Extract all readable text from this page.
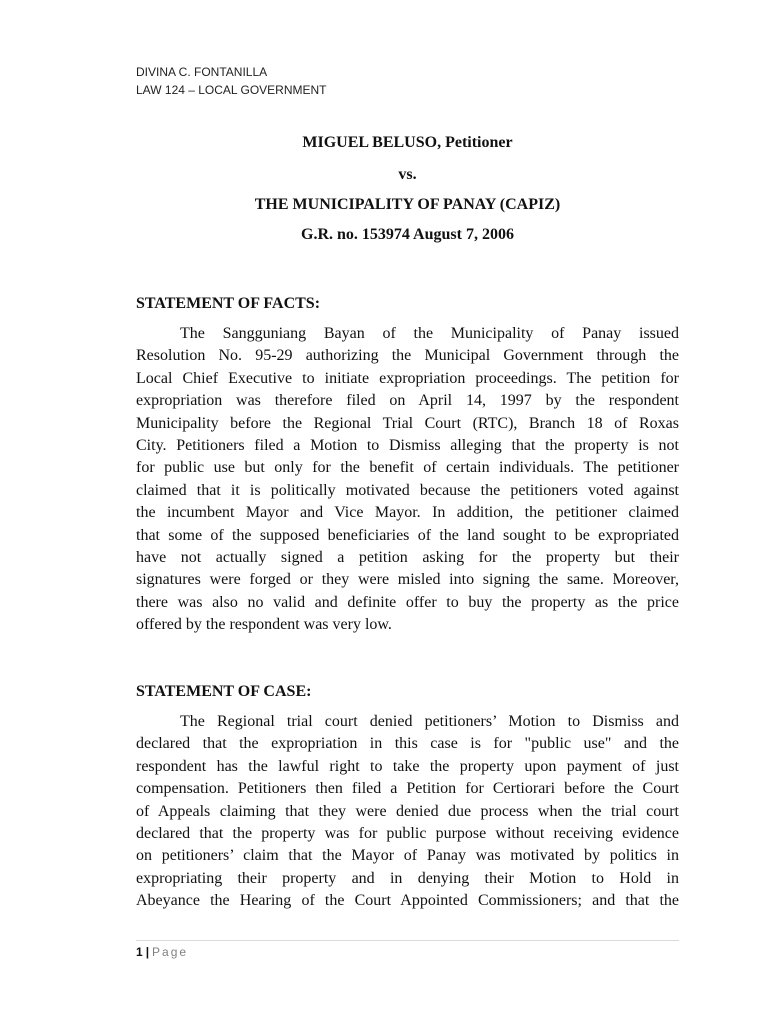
DIVINA C. FONTANILLA
LAW 124 – LOCAL GOVERNMENT
MIGUEL BELUSO, Petitioner
vs.
THE MUNICIPALITY OF PANAY (CAPIZ)
G.R. no. 153974 August 7, 2006
STATEMENT OF FACTS:

The Sangguniang Bayan of the Municipality of Panay issued
Resolution No. 95-29 authorizing the Municipal Government through the
Local Chief Executive to initiate expropriation proceedings. The petition for
expropriation was therefore filed on April 14, 1997 by the respondent
Municipality before the Regional Trial Court (RTC), Branch 18 of Roxas
City. Petitioners filed a Motion to Dismiss alleging that the property is not
for public use but only for the benefit of certain individuals. The petitioner
claimed that it is politically motivated because the petitioners voted against
the incumbent Mayor and Vice Mayor. In addition, the petitioner claimed
that some of the supposed beneficiaries of the land sought to be expropriated
have not actually signed a petition asking for the property but their
signatures were forged or they were misled into signing the same. Moreover,
there was also no valid and definite offer to buy the property as the price
offered by the respondent was very low.

STATEMENT OF CASE:

The Regional trial court denied petitioners’ Motion to Dismiss and
declared that the expropriation in this case is for "public use" and the
respondent has the lawful right to take the property upon payment of just
compensation. Petitioners then filed a Petition for Certiorari before the Court
of Appeals claiming that they were denied due process when the trial court
declared that the property was for public purpose without receiving evidence
on petitioners’ claim that the Mayor of Panay was motivated by politics in
expropriating their property and in denying their Motion to Hold in
Abeyance the Hearing of the Court Appointed Commissioners; and that the

1 | Page
